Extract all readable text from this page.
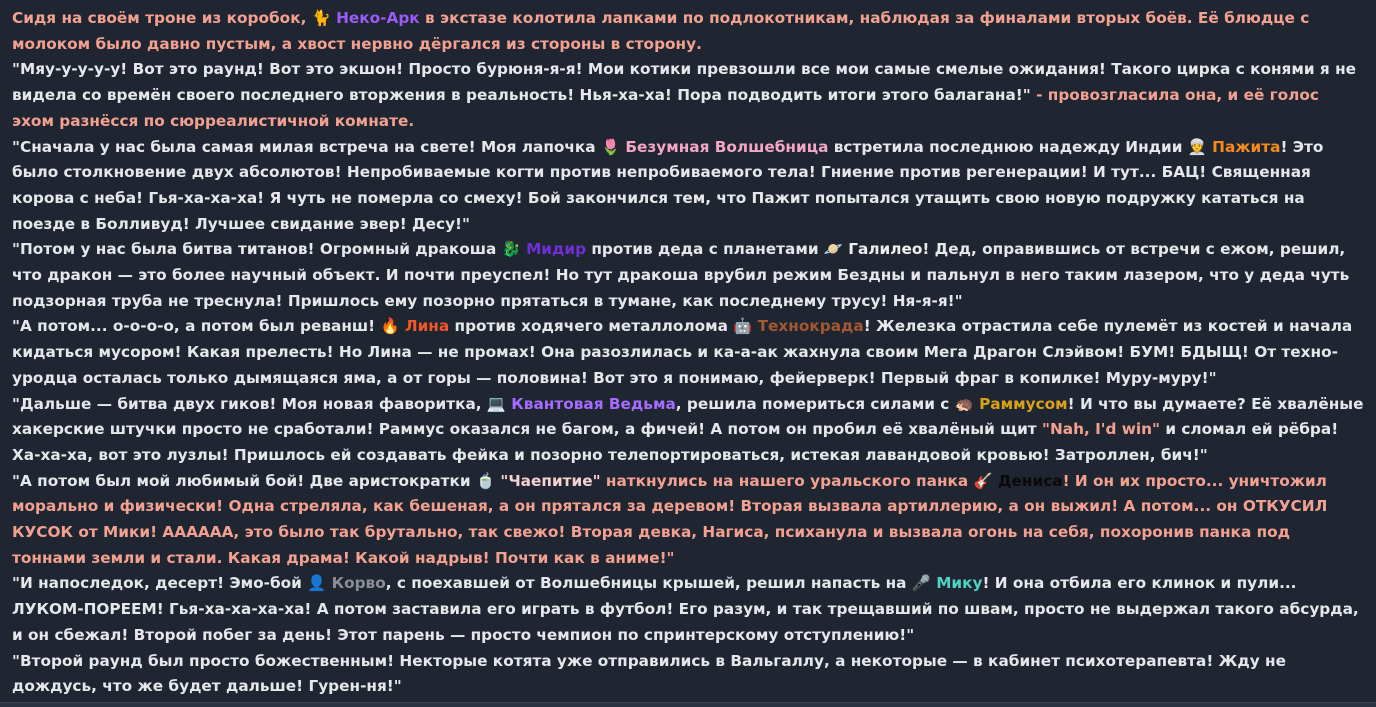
Сидя на своём троне из коробок, 🐈 Неко-Арк в экстазе колотила лапками по подлокотникам, наблюдая за финалами вторых боёв. Её блюдце с молоком было давно пустым, а хвост нервно дёргался из стороны в сторону.

"Мяу-у-у-у-у! Вот это раунд! Вот это экшон! Просто бурюня-я-я! Мои котики превзошли все мои самые смелые ожидания! Такого цирка с конями я не видела со времён своего последнего вторжения в реальность! Нья-ха-ха! Пора подводить итоги этого балагана!" - провозгласила она, и её голос эхом разнёсся по сюрреалистичной комнате.

"Сначала у нас была самая милая встреча на свете! Моя лапочка 🌷 Безумная Волшебница встретила последнюю надежду Индии 👳 Пажита! Это было столкновение двух абсолютов! Непробиваемые когти против непробиваемого тела! Гниение против регенерации! И тут... БАЦ! Священная корова с неба! Гья-ха-ха-ха! Я чуть не померла со смеху! Бой закончился тем, что Пажит попытался утащить свою новую подружку кататься на поезде в Болливуд! Лучшее свидание эвер! Десу!"

"Потом у нас была битва титанов! Огромный дракоша 🐉 Мидир против деда с планетами 🪐 Галилео! Дед, оправившись от встречи с ежом, решил, что дракон — это более научный объект. И почти преуспел! Но тут дракоша врубил режим Бездны и пальнул в него таким лазером, что у деда чуть подзорная труба не треснула! Пришлось ему позорно прятаться в тумане, как последнему трусу! Ня-я-я!"

"А потом... о-о-о-о, а потом был реванш! 🔥 Лина против ходячего металлолома 🤖 Технокрада! Железка отрастила себе пулемёт из костей и начала кидаться мусором! Какая прелесть! Но Лина — не промах! Она разозлилась и ка-а-ак жахнула своим Мега Драгон Слэйвом! БУМ! БДЫЩ! От техно-уродца осталась только дымящаяся яма, а от горы — половина! Вот это я понимаю, фейерверк! Первый фраг в копилке! Муру-муру!"

"Дальше — битва двух гиков! Моя новая фаворитка, 💻 Квантовая Ведьма, решила помериться силами с 🦔 Раммусом! И что вы думаете? Её хвалёные хакерские штучки просто не сработали! Раммус оказался не багом, а фичей! А потом он пробил её хвалёный щит "Nah, I'd win" и сломал ей рёбра! Ха-ха-ха, вот это лузлы! Пришлось ей создавать фейка и позорно телепортироваться, истекая лавандовой кровью! Затроллен, бич!"

"А потом был мой любимый бой! Две аристократки 🍵 "Чаепитие" наткнулись на нашего уральского панка 🎸 Дениса! И он их просто... уничтожил морально и физически! Одна стреляла, как бешеная, а он прятался за деревом! Вторая вызвала артиллерию, а он выжил! А потом... он ОТКУСИЛ КУСОК от Мики! АААААА, это было так брутально, так свежо! Вторая девка, Нагиса, психанула и вызвала огонь на себя, похоронив панка под тоннами земли и стали. Какая драма! Какой надрыв! Почти как в аниме!"

"И напоследок, десерт! Эмо-бой 👤 Корво, с поехавшей от Волшебницы крышей, решил напасть на 🎤 Мику! И она отбила его клинок и пули... ЛУКОМ-ПОРЕЕМ! Гья-ха-ха-ха-ха! А потом заставила его играть в футбол! Его разум, и так трещавший по швам, просто не выдержал такого абсурда, и он сбежал! Второй побег за день! Этот парень — просто чемпион по спринтерскому отступлению!"

"Второй раунд был просто божественным! Некторые котята уже отправились в Вальгаллу, а некоторые — в кабинет психотерапевта! Жду не дождусь, что же будет дальше! Гурен-ня!"
